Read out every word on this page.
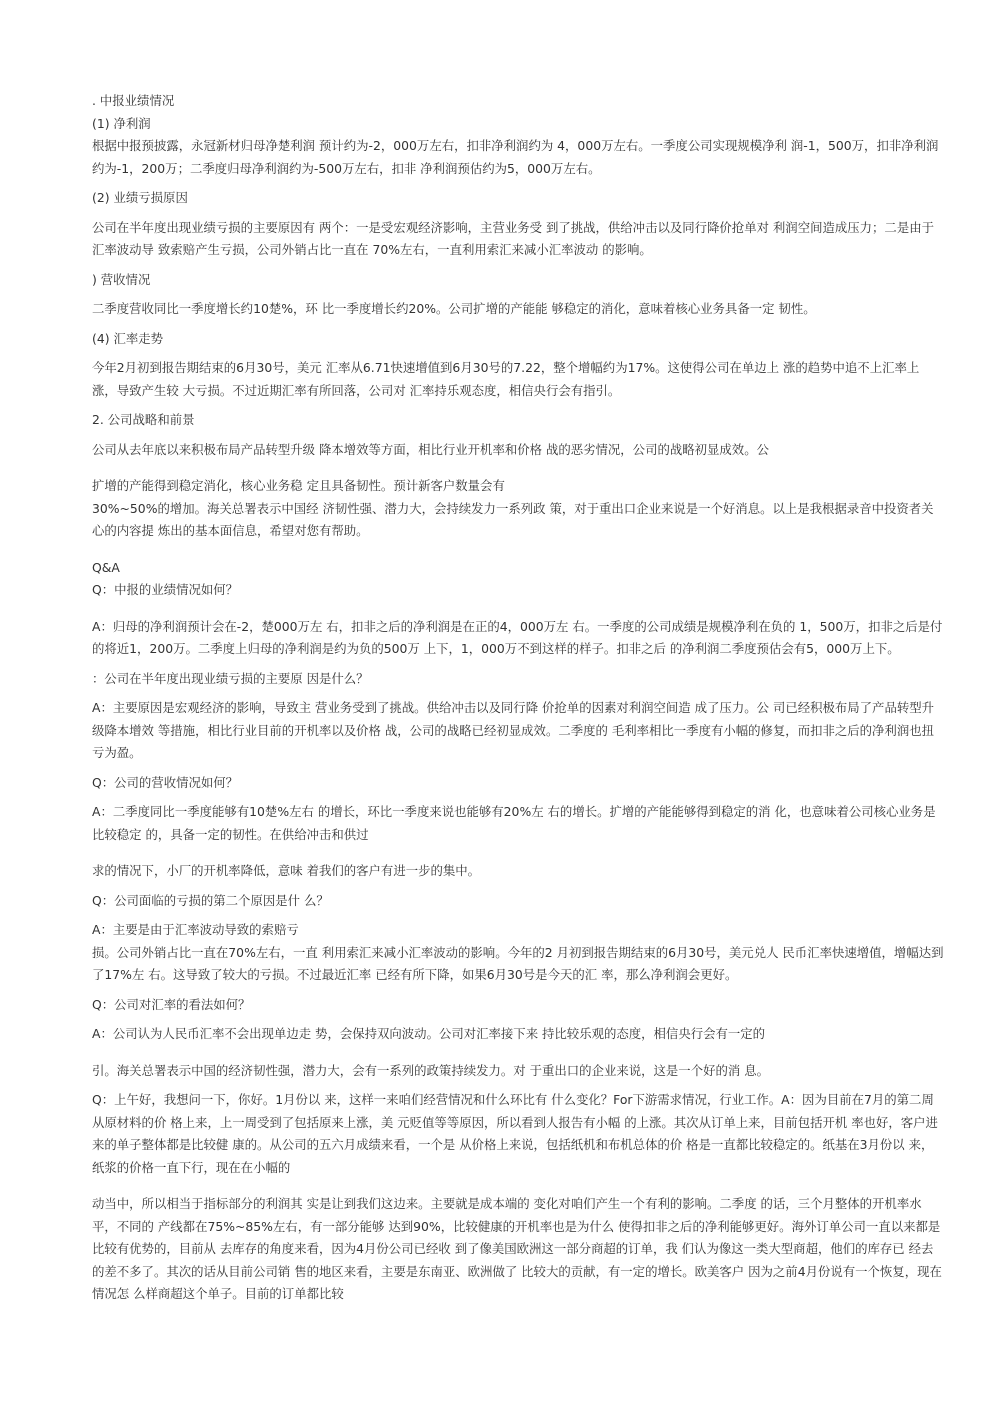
. 中报业绩情况

(1) 净利润

根据中报预披露，永冠新材归母净楚利润 预计约为-2，000万左右，扣非净利润约为 4，000万左右。一季度公司实现规模净利 润-1，500万，扣非净利润约为-1，200万；二季度归母净利润约为-500万左右，扣非 净利润预估约为5，000万左右。

(2) 业绩亏损原因

公司在半年度出现业绩亏损的主要原因有 两个：一是受宏观经济影响，主营业务受 到了挑战，供给冲击以及同行降价抢单对 利润空间造成压力；二是由于汇率波动导 致索赔产生亏损，公司外销占比一直在 70%左右，一直利用索汇来减小汇率波动 的影响。

) 营收情况

二季度营收同比一季度增长约10楚%，环 比一季度增长约20%。公司扩增的产能能 够稳定的消化，意味着核心业务具备一定 韧性。

(4) 汇率走势

今年2月初到报告期结束的6月30号，美元 汇率从6.71快速增值到6月30号的7.22，整个增幅约为17%。这使得公司在单边上 涨的趋势中追不上汇率上涨，导致产生较 大亏损。不过近期汇率有所回落，公司对 汇率持乐观态度，相信央行会有指引。

2. 公司战略和前景

公司从去年底以来积极布局产品转型升级 降本增效等方面，相比行业开机率和价格 战的恶劣情况，公司的战略初显成效。公

扩增的产能得到稳定消化，核心业务稳 定且具备韧性。预计新客户数量会有

30%~50%的增加。海关总署表示中国经 济韧性强、潜力大，会持续发力一系列政 策，对于重出口企业来说是一个好消息。以上是我根据录音中投资者关心的内容提 炼出的基本面信息，希望对您有帮助。

Q&A

Q：中报的业绩情况如何？

A：归母的净利润预计会在-2，楚000万左 右，扣非之后的净利润是在正的4，000万左 右。一季度的公司成绩是规模净利在负的 1，500万，扣非之后是付的将近1，200万。二季度上归母的净利润是约为负的500万 上下，1，000万不到这样的样子。扣非之后 的净利润二季度预估会有5，000万上下。

：公司在半年度出现业绩亏损的主要原 因是什么？

A：主要原因是宏观经济的影响，导致主 营业务受到了挑战。供给冲击以及同行降 价抢单的因素对利润空间造 成了压力。公 司已经积极布局了产品转型升级降本增效 等措施，相比行业目前的开机率以及价格 战，公司的战略已经初显成效。二季度的 毛利率相比一季度有小幅的修复，而扣非之后的净利润也扭亏为盈。

Q：公司的营收情况如何？

A：二季度同比一季度能够有10楚%左右 的增长，环比一季度来说也能够有20%左 右的增长。扩增的产能能够得到稳定的消 化，也意味着公司核心业务是比较稳定 的，具备一定的韧性。在供给冲击和供过

求的情况下，小厂的开机率降低，意味 着我们的客户有进一步的集中。

Q：公司面临的亏损的第二个原因是什 么？

A：主要是由于汇率波动导致的索赔亏

损。公司外销占比一直在70%左右，一直 利用索汇来减小汇率波动的影响。今年的2 月初到报告期结束的6月30号，美元兑人 民币汇率快速增值，增幅达到了17%左 右。这导致了较大的亏损。不过最近汇率 已经有所下降，如果6月30号是今天的汇 率，那么净利润会更好。

Q：公司对汇率的看法如何？

A：公司认为人民币汇率不会出现单边走 势，会保持双向波动。公司对汇率接下来 持比较乐观的态度，相信央行会有一定的

引。海关总署表示中国的经济韧性强，潜力大，会有一系列的政策持续发力。对 于重出口的企业来说，这是一个好的消 息。

Q：上午好，我想问一下，你好。1月份以 来，这样一来咱们经营情况和什么环比有 什么变化？For下游需求情况，行业工作。A：因为目前在7月的第二周从原材料的价 格上来，上一周受到了包括原来上涨，美 元贬值等等原因，所以看到人报告有小幅 的上涨。其次从订单上来，目前包括开机 率也好，客户进来的单子整体都是比较健 康的。从公司的五六月成绩来看，一个是 从价格上来说，包括纸机和布机总体的价 格是一直都比较稳定的。纸基在3月份以 来，纸浆的价格一直下行，现在在小幅的

动当中，所以相当于指标部分的利润其 实是让到我们这边来。主要就是成本端的 变化对咱们产生一个有利的影响。二季度 的话，三个月整体的开机率水平，不同的 产线都在75%~85%左右，有一部分能够 达到90%，比较健康的开机率也是为什么 使得扣非之后的净利能够更好。海外订单公司一直以来都是比较有优势的，目前从 去库存的角度来看，因为4月份公司已经收 到了像美国欧洲这一部分商超的订单，我 们认为像这一类大型商超，他们的库存已 经去的差不多了。其次的话从目前公司销 售的地区来看，主要是东南亚、欧洲做了 比较大的贡献，有一定的增长。欧美客户 因为之前4月份说有一个恢复，现在情况怎 么样商超这个单子。目前的订单都比较
